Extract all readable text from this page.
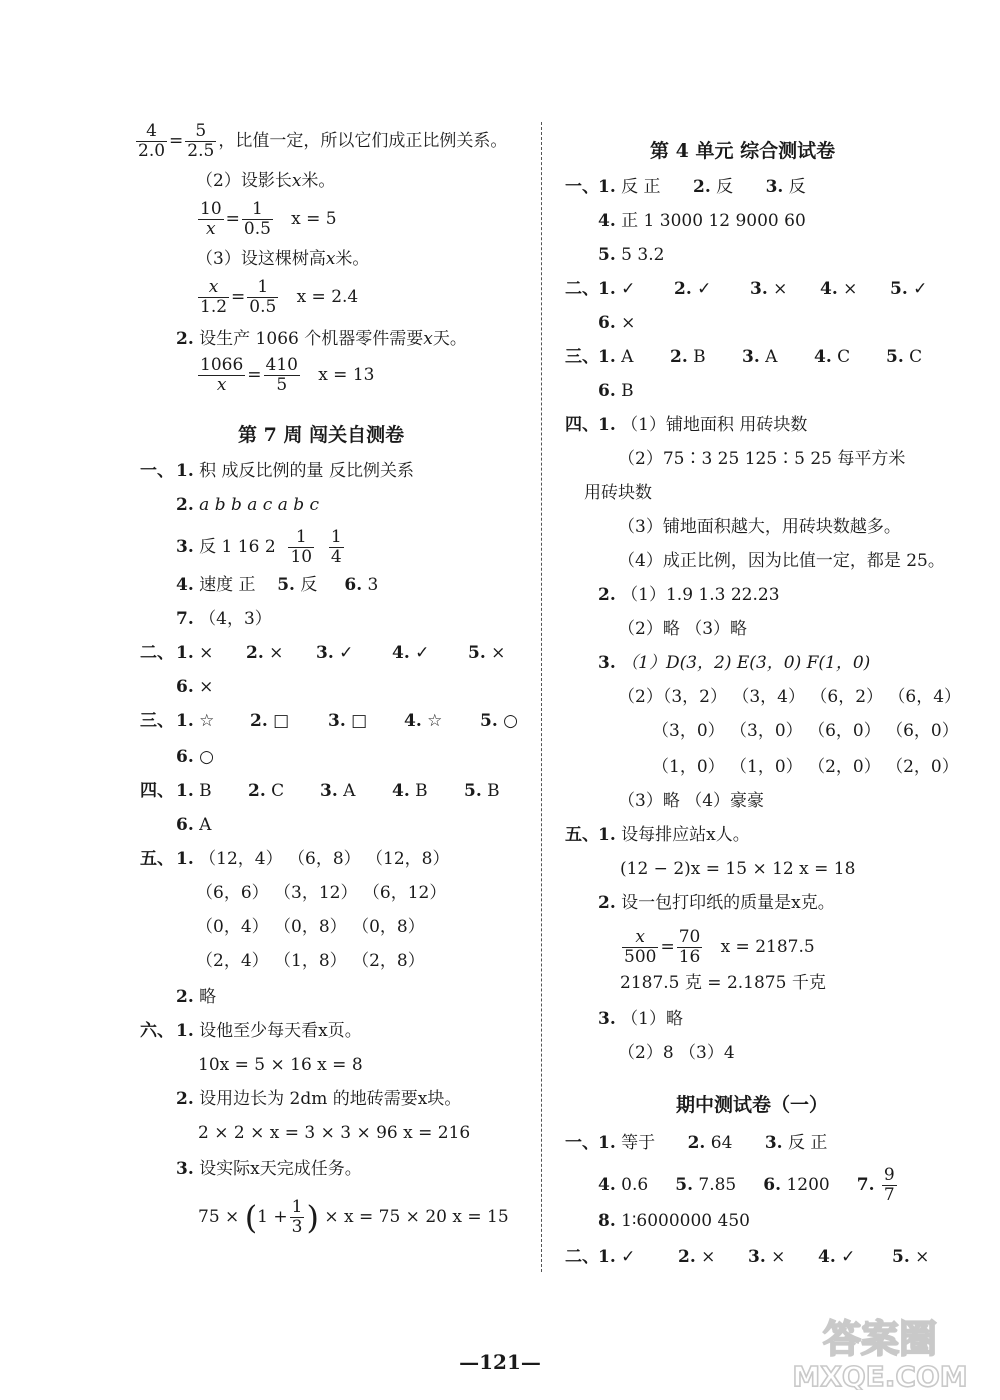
$\frac{4}{2.0} = \frac{5}{2.5}$ ，比值一定，所以它们成正比例关系。
（2）设影长x米。
$\frac{10}{x} = \frac{1}{0.5}$ x = 5
（3）设这棵树高x米。
$\frac{x}{1.2} = \frac{1}{0.5}$ x = 2.4
2. 设生产 1066 个机器零件需要x天。
$\frac{1066}{x} = \frac{410}{5}$ x = 13
第 7 周 闯关自测卷
一、 1. 积 成反比例的量 反比例关系
2. a b b a c a b c
3. 反 1 16 $2 \frac{1}{10}$
$\frac{1}{4}$
4. 速度 正 5. 反 6. 3
7. （4，3）
二、 1. × 2. × 3. ✓ 4. ✓ 5. ×
6. ×
三、 1. ☆ 2. □ 3. □ 4. ☆ 5. ○
6. ○
四、 1. B 2. C 3. A 4. B 5. B
6. A
五、 1. （12，4） （6，8） （12，8）
（6，6） （3，12） （6，12）
（0，4） （0，8） （0，8）
（2，4） （1，8） （2，8）
2. 略
六、 1. 设他至少每天看x页。
10x = 5 × 16 x = 8
2. 设用边长为 2dm 的地砖需要x块。
2 × 2 × x = 3 × 3 × 96 x = 216
3. 设实际x天完成任务。
$75 \times (1 + \frac{1}{3}$ ) × x = 75 × 20 x = 15
第 4 单元 综合测试卷
一、 1. 反 正 2. 反 3. 反
4. 正 1 3000 12 9000 60
5. 5 3.2
二、 1. ✓ 2. ✓ 3. × 4. × 5. ✓
6. ×
三、 1. A 2. B 3. A 4. C 5. C
6. B
四、 1. （1）铺地面积 用砖块数
（2）75∶3 25 125∶5 25 每平方米
用砖块数
（3）铺地面积越大，用砖块数越多。
（4）成正比例，因为比值一定，都是 25。
2. （1）1.9 1.3 22.23
（2）略 （3）略
3. （1）D(3，2) E(3，0) F(1，0)
（2）（3，2） （3，4） （6，2） （6，4）
（3，0） （3，0） （6，0） （6，0）
（1，0） （1，0） （2，0） （2，0）
（3）略 （4）豪豪
五、 1. 设每排应站x人。
(12 − 2)x = 15 × 12 x = 18
2. 设一包打印纸的质量是x克。
$\frac{x}{500} = \frac{70}{16}$ x = 2187.5
2187.5 克 = 2.1875 千克
3. （1）略
（2）8 （3）4
期中测试卷（一）
一、 1. 等于 2. 64 3. 反 正
4. 0.6 5. 7.85 6. 1200 7. $\frac{9}{7}$
8. 1∶6000000 450
二、 1. ✓	2. × 3. × 4. ✓ 5. ×
—121—
答案圈
MXQE.COM
